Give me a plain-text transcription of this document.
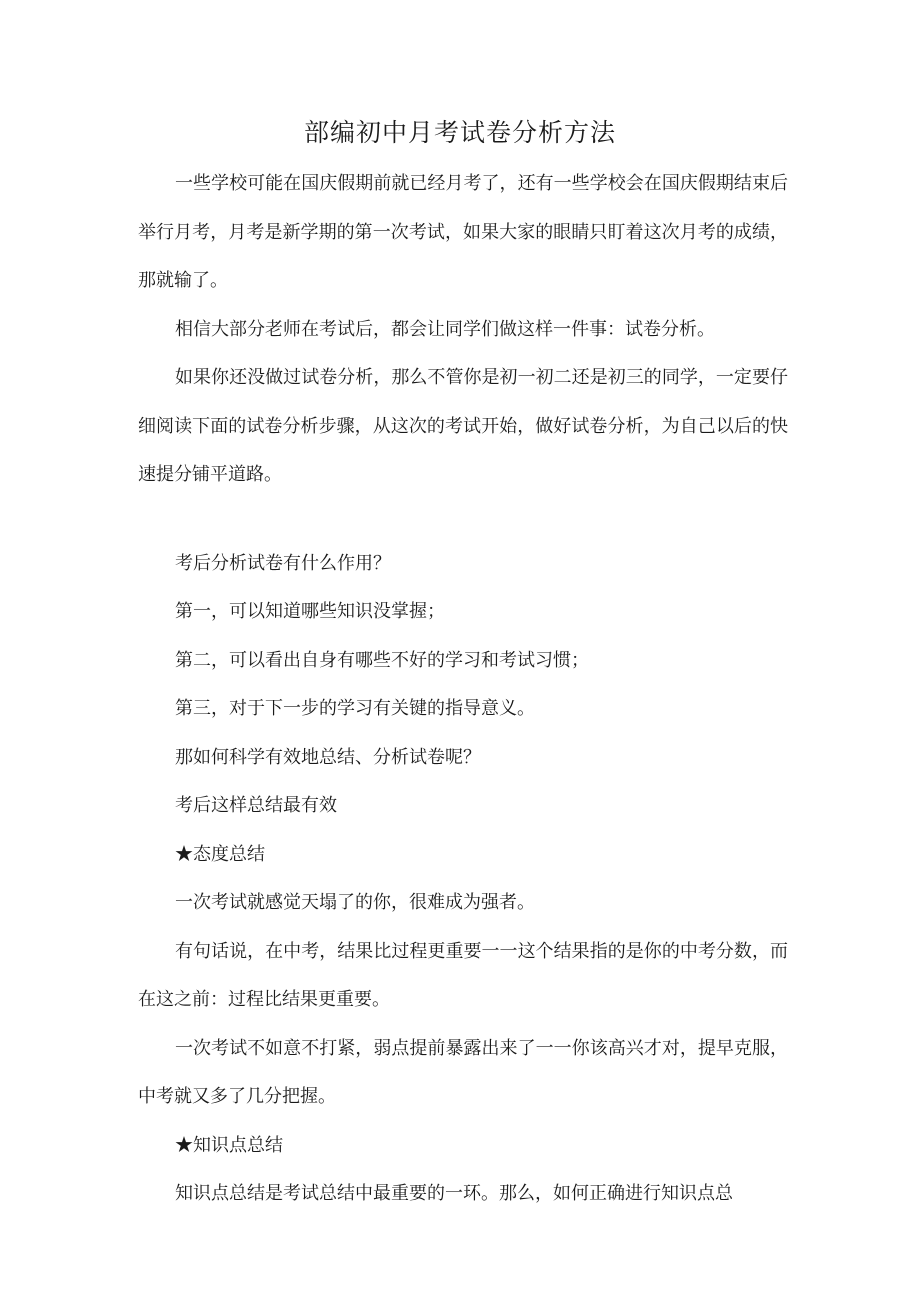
部编初中月考试卷分析方法

一些学校可能在国庆假期前就已经月考了，还有一些学校会在国庆假期结束后举行月考，月考是新学期的第一次考试，如果大家的眼睛只盯着这次月考的成绩，那就输了。

相信大部分老师在考试后，都会让同学们做这样一件事：试卷分析。

如果你还没做过试卷分析，那么不管你是初一初二还是初三的同学，一定要仔细阅读下面的试卷分析步骤，从这次的考试开始，做好试卷分析，为自己以后的快速提分铺平道路。

考后分析试卷有什么作用？

第一，可以知道哪些知识没掌握；

第二，可以看出自身有哪些不好的学习和考试习惯；

第三，对于下一步的学习有关键的指导意义。

那如何科学有效地总结、分析试卷呢？

考后这样总结最有效

★态度总结

一次考试就感觉天塌了的你，很难成为强者。

有句话说，在中考，结果比过程更重要一一这个结果指的是你的中考分数，而在这之前：过程比结果更重要。

一次考试不如意不打紧，弱点提前暴露出来了一一你该高兴才对，提早克服，中考就又多了几分把握。

★知识点总结

知识点总结是考试总结中最重要的一环。那么，如何正确进行知识点总
